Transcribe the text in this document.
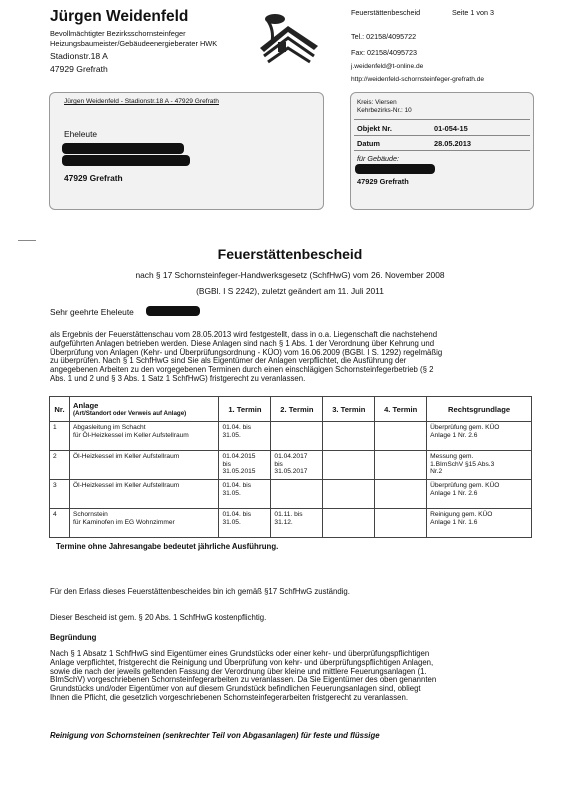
Jürgen Weidenfeld
Bevollmächtigter Bezirksschornsteinfeger
Heizungsbaumeister/Gebäudeenergieberater HWK
Stadionstr.18 A
47929 Grefrath
Feuerstättenbescheid	Seite 1 von 3
Tel.: 02158/4095722
Fax: 02158/4095723
j.weidenfeld@t-online.de
http://weidenfeld-schornsteinfeger-grefrath.de
Jürgen Weidenfeld - Stadionstr.18 A - 47929 Grefrath
Eheleute
47929 Grefrath
Kreis: Viersen
Kehrbezirks-Nr.: 10
Objekt Nr.	01-054-15
Datum	28.05.2013
für Gebäude:
47929 Grefrath
Feuerstättenbescheid
nach § 17 Schornsteinfeger-Handwerksgesetz (SchfHwG) vom 26. November 2008
(BGBl. I S 2242), zuletzt geändert am 11. Juli 2011
Sehr geehrte Eheleute
als Ergebnis der Feuerstättenschau vom 28.05.2013 wird festgestellt, dass in o.a. Liegenschaft die nachstehend
aufgeführten Anlagen betrieben werden. Diese Anlagen sind nach § 1 Abs. 1 der Verordnung über Kehrung und
Überprüfung von Anlagen (Kehr- und Überprüfungsordnung - KÜO) vom 16.06.2009 (BGBl. I S. 1292) regelmäßig
zu überprüfen. Nach § 1 SchfHwG sind Sie als Eigentümer der Anlagen verpflichtet, die Ausführung der
angegebenen Arbeiten zu den vorgegebenen Terminen durch einen einschlägigen Schornsteinfegerbetrieb (§ 2
Abs. 1 und 2 und § 3 Abs. 1 Satz 1 SchfHwG) fristgerecht zu veranlassen.
Nr.	Anlage
(Art/Standort oder Verweis auf Anlage)	1. Termin	2. Termin	3. Termin	4. Termin	Rechtsgrundlage
1	Abgasleitung im Schacht
für Öl-Heizkessel im Keller Aufstellraum	01.04. bis
31.05.				Überprüfung gem. KÜO
Anlage 1 Nr. 2.6
2	Öl-Heizkessel im Keller Aufstellraum	01.04.2015
bis
31.05.2015	01.04.2017
bis
31.05.2017			Messung gem.
1.BImSchV §15 Abs.3
Nr.2
3	Öl-Heizkessel im Keller Aufstellraum	01.04. bis
31.05.				Überprüfung gem. KÜO
Anlage 1 Nr. 2.6
4	Schornstein
für Kaminofen im EG Wohnzimmer	01.04. bis
31.05.	01.11. bis
31.12.			Reinigung gem. KÜO
Anlage 1 Nr. 1.6
Termine ohne Jahresangabe bedeutet jährliche Ausführung.
Für den Erlass dieses Feuerstättenbescheides bin ich gemäß §17 SchfHwG zuständig.
Dieser Bescheid ist gem. § 20 Abs. 1 SchfHwG kostenpflichtig.
Begründung
Nach § 1 Absatz 1 SchfHwG sind Eigentümer eines Grundstücks oder einer kehr- und überprüfungspflichtigen
Anlage verpflichtet, fristgerecht die Reinigung und Überprüfung von kehr- und überprüfungspflichtigen Anlagen,
sowie die nach der jeweils geltenden Fassung der Verordnung über kleine und mittlere Feuerungsanlagen (1.
BImSchV) vorgeschriebenen Schornsteinfegerarbeiten zu veranlassen. Da Sie Eigentümer des oben genannten
Grundstücks und/oder Eigentümer von auf diesem Grundstück befindlichen Feuerungsanlagen sind, obliegt
Ihnen die Pflicht, die gesetzlich vorgeschriebenen Schornsteinfegerarbeiten fristgerecht zu veranlassen.
Reinigung von Schornsteinen (senkrechter Teil von Abgasanlagen) für feste und flüssige
